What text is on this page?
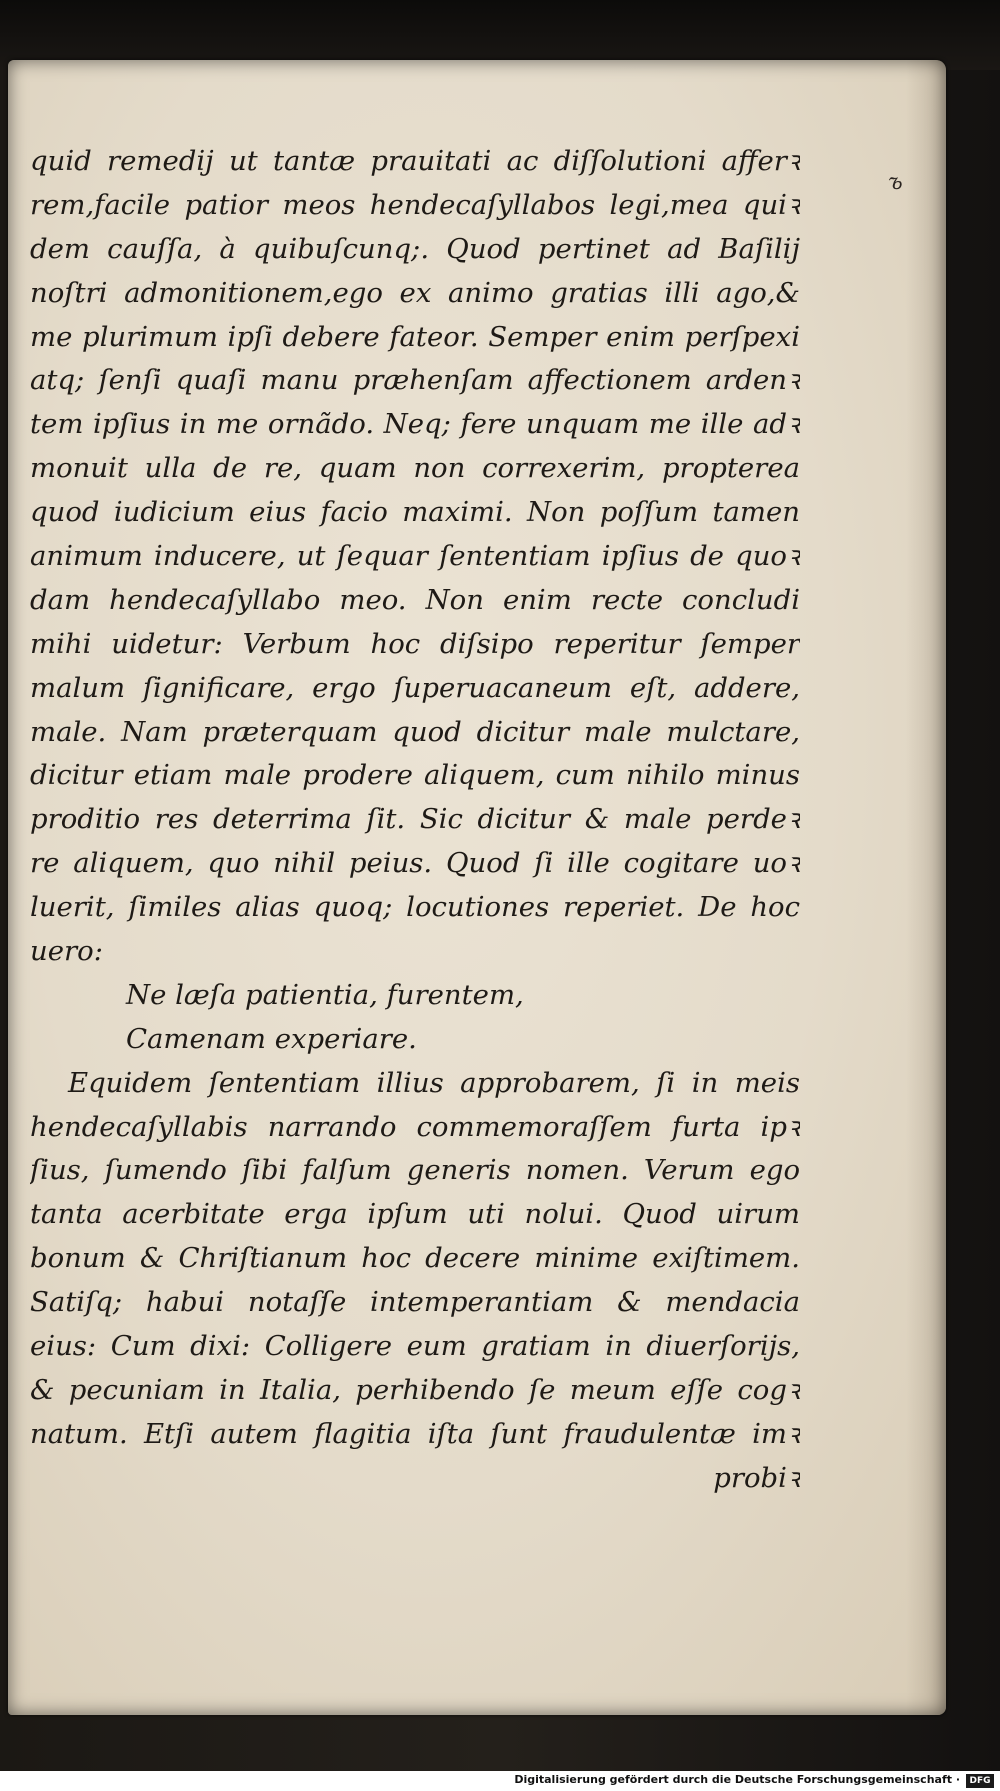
ъ
quid remedij ut tantæ prauitati ac diſſolutioni afferꝛ
rem,facile patior meos hendecaſyllabos legi,mea quiꝛ
dem cauſſa, à quibuſcunq;. Quod pertinet ad Baſilij
noſtri admonitionem,ego ex animo gratias illi ago,&
me plurimum ipſi debere fateor. Semper enim perſpexi
atq; ſenſi quaſi manu præhenſam affectionem ardenꝛ
tem ipſius in me ornãdo. Neq; fere unquam me ille adꝛ
monuit ulla de re, quam non correxerim, propterea
quod iudicium eius facio maximi. Non poſſum tamen
animum inducere, ut ſequar ſententiam ipſius de quoꝛ
dam hendecaſyllabo meo. Non enim recte concludi
mihi uidetur: Verbum hoc diſsipo reperitur ſemper
malum ſignificare, ergo ſuperuacaneum eſt, addere,
male. Nam præterquam quod dicitur male mulctare,
dicitur etiam male prodere aliquem, cum nihilo minus
proditio res deterrima ſit. Sic dicitur & male perdeꝛ
re aliquem, quo nihil peius. Quod ſi ille cogitare uoꝛ
luerit, ſimiles alias quoq; locutiones reperiet. De hoc
uero:
Ne læſa patientia, furentem,
Camenam experiare.
Equidem ſententiam illius approbarem, ſi in meis
hendecaſyllabis narrando commemoraſſem furta ipꝛ
ſius, ſumendo ſibi falſum generis nomen. Verum ego
tanta acerbitate erga ipſum uti nolui. Quod uirum
bonum & Chriſtianum hoc decere minime exiſtimem.
Satiſq; habui notaſſe intemperantiam & mendacia
eius: Cum dixi: Colligere eum gratiam in diuerſorijs,
& pecuniam in Italia, perhibendo ſe meum eſſe cogꝛ
natum. Etſi autem flagitia iſta ſunt fraudulentæ imꝛ
probiꝛ
Digitalisierung gefördert durch die Deutsche Forschungsgemeinschaft ·	DFG
